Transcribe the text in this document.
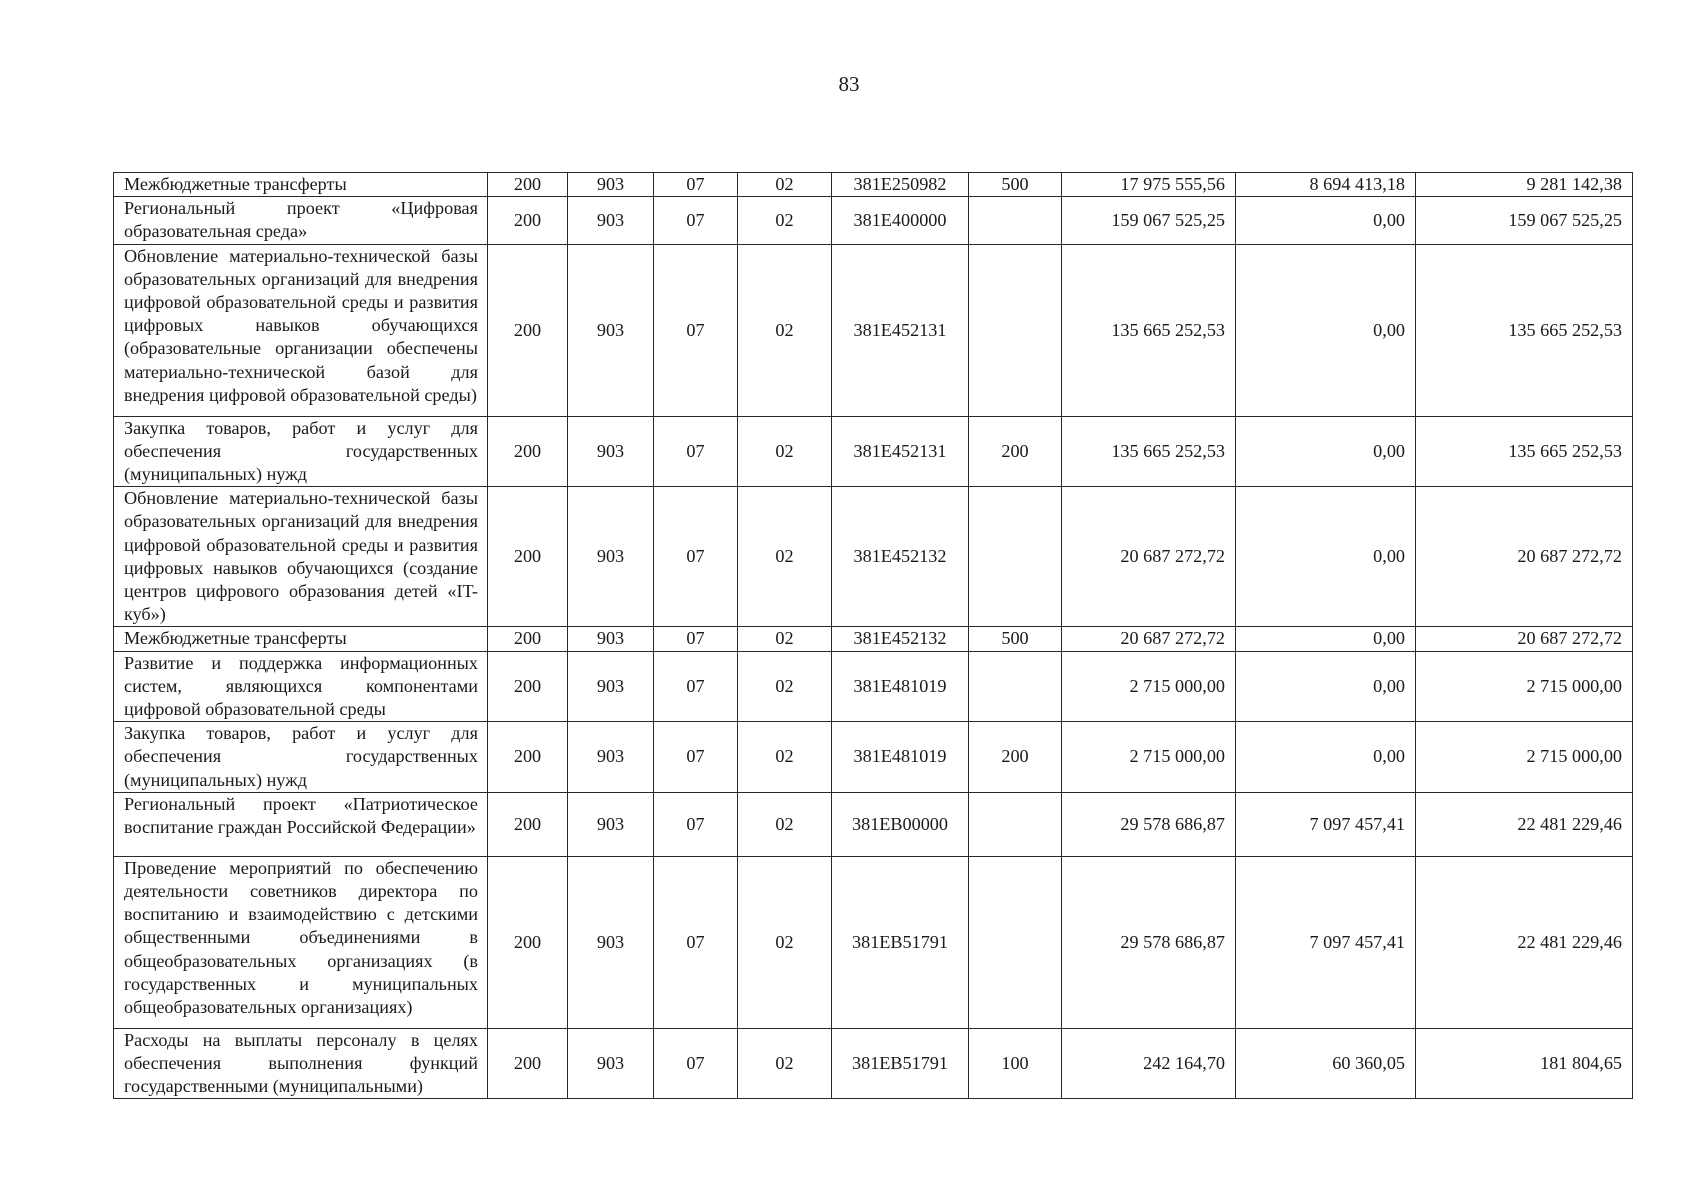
83
Межбюджетные трансферты	200	903	07	02	381E250982	500	17 975 555,56	8 694 413,18	9 281 142,38
Региональный проект «Цифровая образовательная среда»	200	903	07	02	381E400000		159 067 525,25	0,00	159 067 525,25
Обновление материально-технической базы образовательных организаций для внедрения цифровой образовательной среды и развития цифровых навыков обучающихся (образовательные организации обеспечены материально-технической базой для внедрения цифровой образовательной среды)	200	903	07	02	381E452131		135 665 252,53	0,00	135 665 252,53
Закупка товаров, работ и услуг для обеспечения государственных (муниципальных) нужд	200	903	07	02	381E452131	200	135 665 252,53	0,00	135 665 252,53
Обновление материально-технической базы образовательных организаций для внедрения цифровой образовательной среды и развития цифровых навыков обучающихся (создание центров цифрового образования детей «IT-куб»)	200	903	07	02	381E452132		20 687 272,72	0,00	20 687 272,72
Межбюджетные трансферты	200	903	07	02	381E452132	500	20 687 272,72	0,00	20 687 272,72
Развитие и поддержка информационных систем, являющихся компонентами цифровой образовательной среды	200	903	07	02	381E481019		2 715 000,00	0,00	2 715 000,00
Закупка товаров, работ и услуг для обеспечения государственных (муниципальных) нужд	200	903	07	02	381E481019	200	2 715 000,00	0,00	2 715 000,00
Региональный проект «Патриотическое воспитание граждан Российской Федерации»	200	903	07	02	381EB00000		29 578 686,87	7 097 457,41	22 481 229,46
Проведение мероприятий по обеспечению деятельности советников директора по воспитанию и взаимодействию с детскими общественными объединениями в общеобразовательных организациях (в государственных и муниципальных общеобразовательных организациях)	200	903	07	02	381EB51791		29 578 686,87	7 097 457,41	22 481 229,46
Расходы на выплаты персоналу в целях обеспечения выполнения функций государственными (муниципальными)	200	903	07	02	381EB51791	100	242 164,70	60 360,05	181 804,65
